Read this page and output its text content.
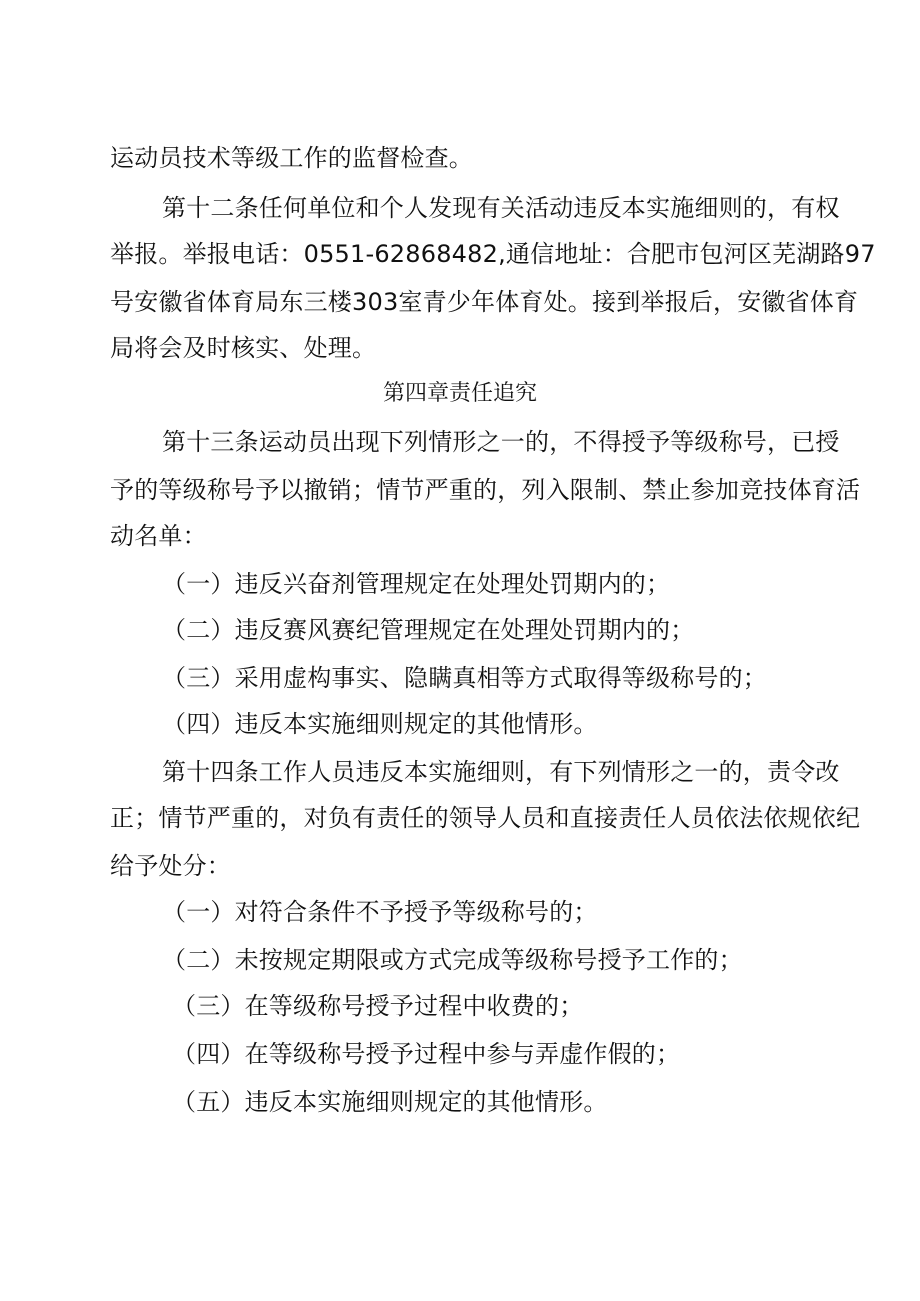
运动员技术等级工作的监督检查。
第十二条任何单位和个人发现有关活动违反本实施细则的，有权
举报。举报电话：0551-62868482,通信地址：合肥市包河区芜湖路97
号安徽省体育局东三楼303室青少年体育处。接到举报后，安徽省体育
局将会及时核实、处理。
第四章责任追究
第十三条运动员出现下列情形之一的，不得授予等级称号，已授
予的等级称号予以撤销；情节严重的，列入限制、禁止参加竞技体育活
动名单：
（一）违反兴奋剂管理规定在处理处罚期内的；
（二）违反赛风赛纪管理规定在处理处罚期内的；
（三）采用虚构事实、隐瞒真相等方式取得等级称号的；
（四）违反本实施细则规定的其他情形。
第十四条工作人员违反本实施细则，有下列情形之一的，责令改
正；情节严重的，对负有责任的领导人员和直接责任人员依法依规依纪
给予处分：
（一）对符合条件不予授予等级称号的；
（二）未按规定期限或方式完成等级称号授予工作的；
（三）在等级称号授予过程中收费的；
（四）在等级称号授予过程中参与弄虚作假的；
（五）违反本实施细则规定的其他情形。
